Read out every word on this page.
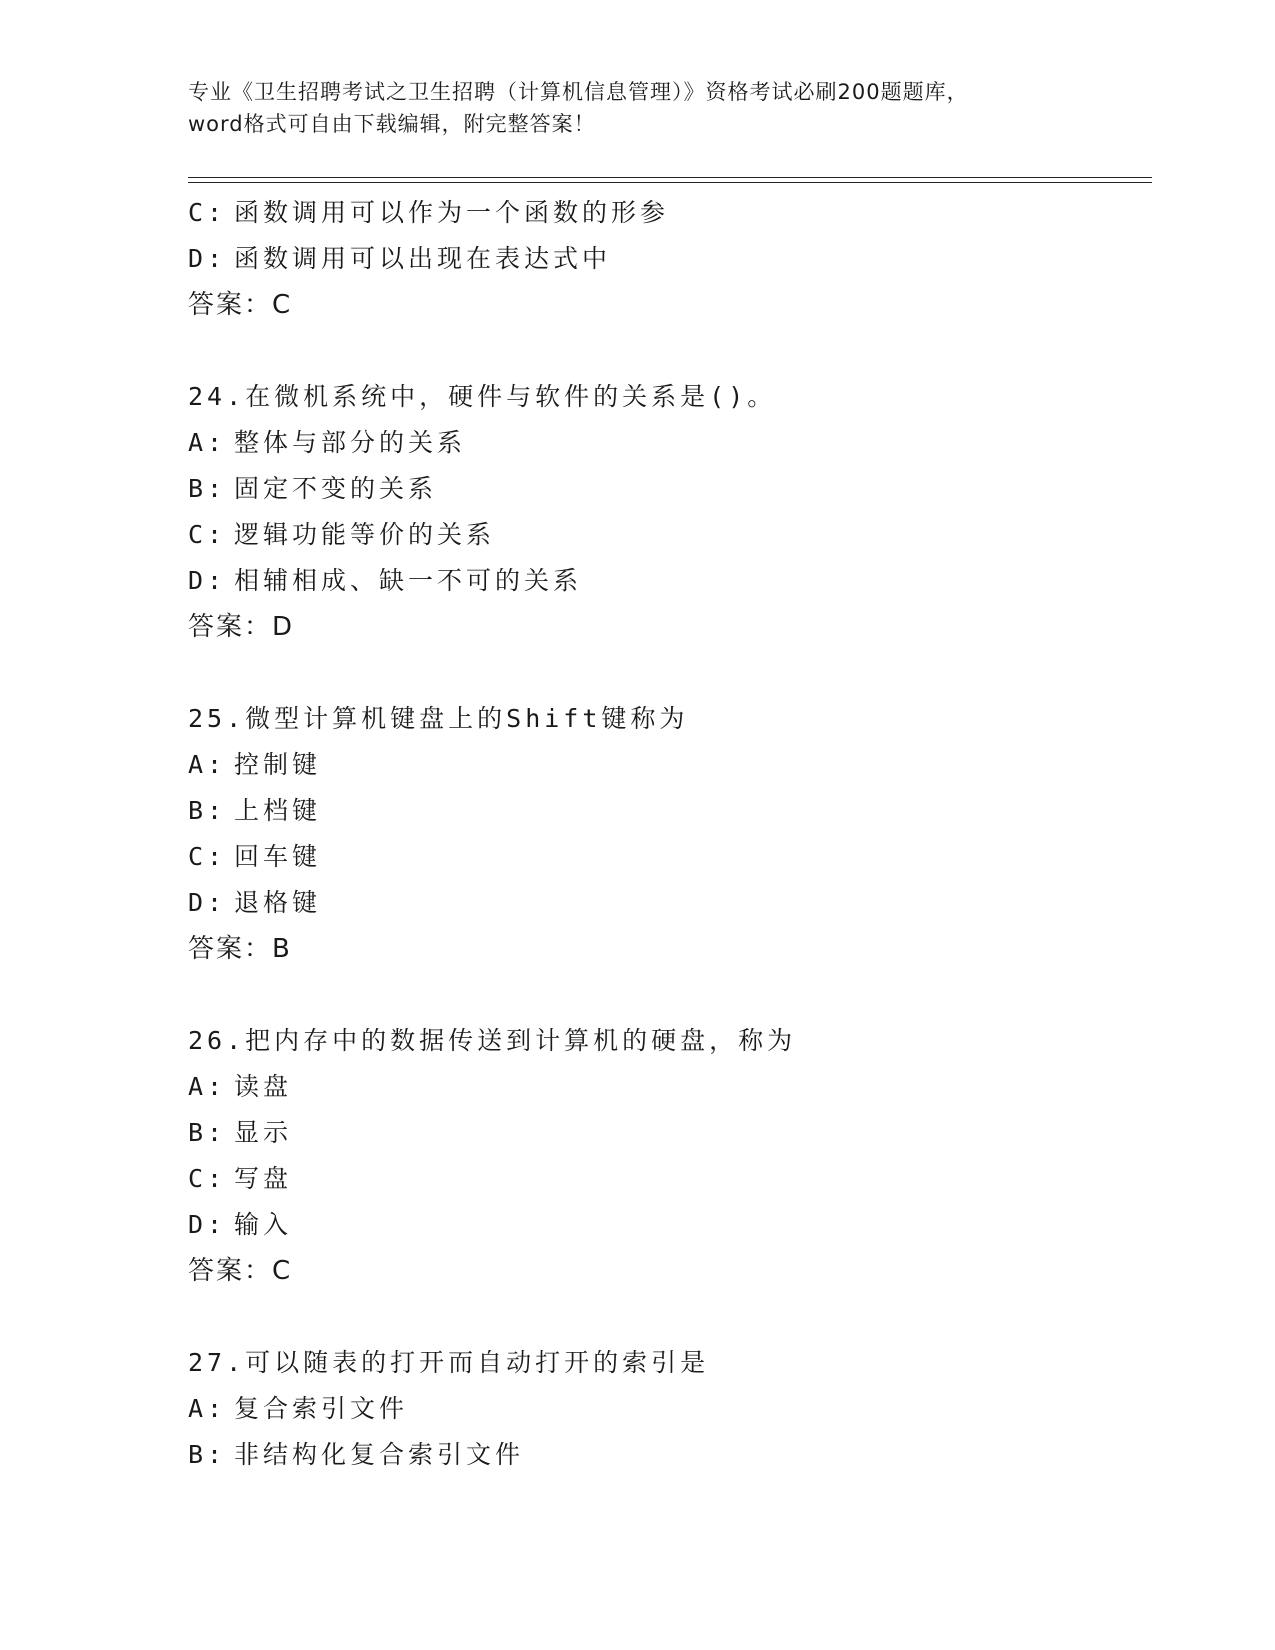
专业《卫生招聘考试之卫生招聘（计算机信息管理）》资格考试必刷200题题库，
word格式可自由下载编辑，附完整答案！
C: 函数调用可以作为一个函数的形参
D: 函数调用可以出现在表达式中
答案：C
24.在微机系统中，硬件与软件的关系是()。
A: 整体与部分的关系
B: 固定不变的关系
C: 逻辑功能等价的关系
D: 相辅相成、缺一不可的关系
答案：D
25.微型计算机键盘上的Shift键称为
A: 控制键
B: 上档键
C: 回车键
D: 退格键
答案：B
26.把内存中的数据传送到计算机的硬盘，称为
A: 读盘
B: 显示
C: 写盘
D: 输入
答案：C
27.可以随表的打开而自动打开的索引是
A: 复合索引文件
B: 非结构化复合索引文件
